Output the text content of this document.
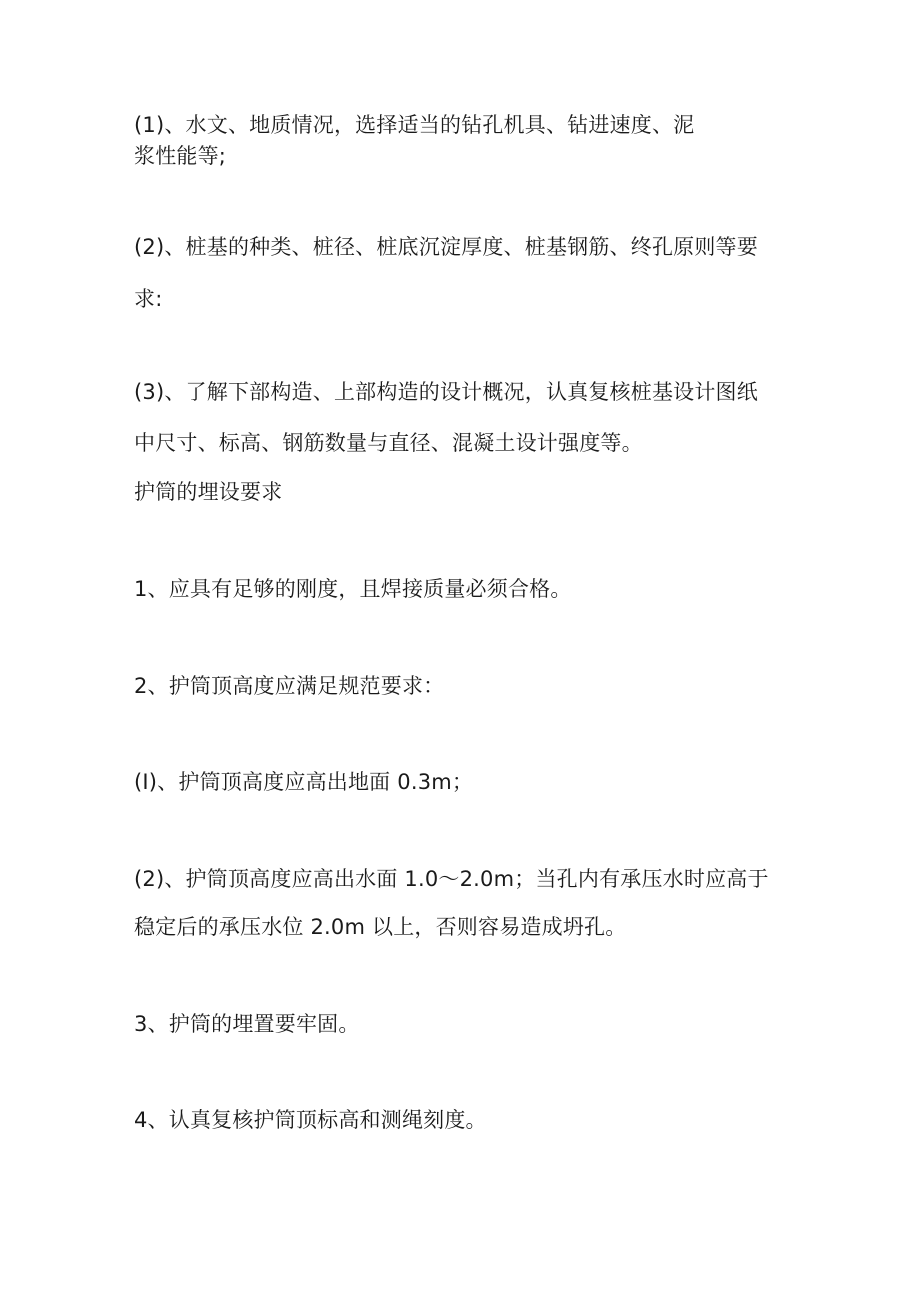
(1)、水文、地质情况，选择适当的钻孔机具、钻进速度、泥
浆性能等;
(2)、桩基的种类、桩径、桩底沉淀厚度、桩基钢筋、终孔原则等要
求:
(3)、了解下部构造、上部构造的设计概况，认真复核桩基设计图纸
中尺寸、标高、钢筋数量与直径、混凝土设计强度等。
护筒的埋设要求
1、应具有足够的刚度，且焊接质量必须合格。
2、护筒顶高度应满足规范要求：
(I)、护筒顶高度应高出地面 0.3m；
(2)、护筒顶高度应高出水面 1.0～2.0m；当孔内有承压水时应高于
稳定后的承压水位 2.0m 以上，否则容易造成坍孔。
3、护筒的埋置要牢固。
4、认真复核护筒顶标高和测绳刻度。
